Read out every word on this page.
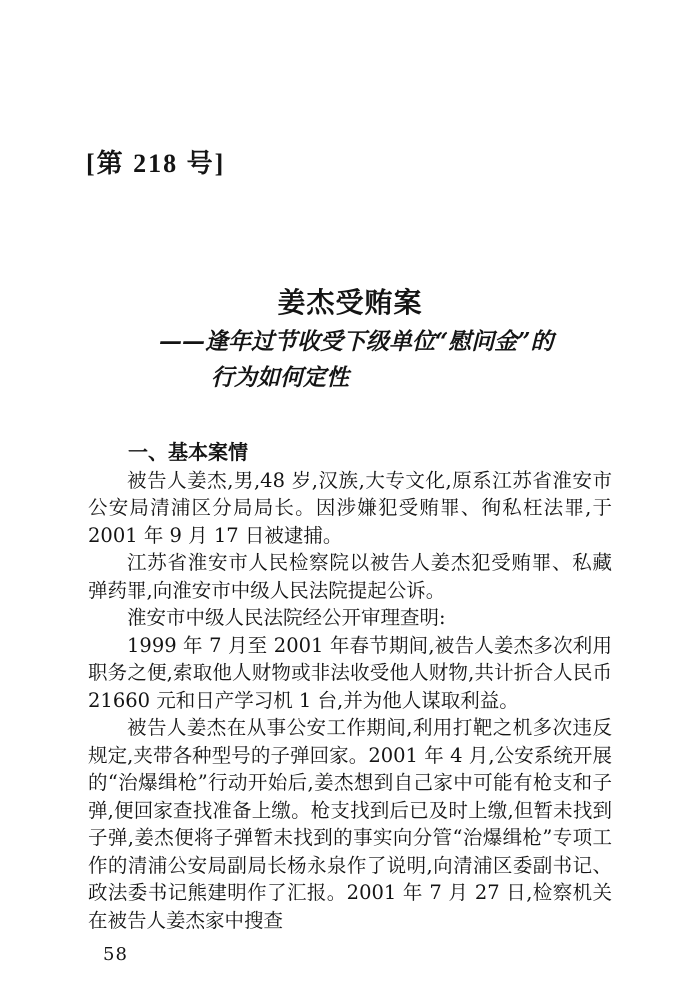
[第 218 号]
姜杰受贿案
——逢年过节收受下级单位“慰问金”的
行为如何定性
一、基本案情

被告人姜杰,男,48 岁,汉族,大专文化,原系江苏省淮安市公安局清浦区分局局长。因涉嫌犯受贿罪、徇私枉法罪,于 2001 年 9 月 17 日被逮捕。

江苏省淮安市人民检察院以被告人姜杰犯受贿罪、私藏弹药罪,向淮安市中级人民法院提起公诉。

淮安市中级人民法院经公开审理查明:

1999 年 7 月至 2001 年春节期间,被告人姜杰多次利用职务之便,索取他人财物或非法收受他人财物,共计折合人民币 21660 元和日产学习机 1 台,并为他人谋取利益。

被告人姜杰在从事公安工作期间,利用打靶之机多次违反规定,夹带各种型号的子弹回家。2001 年 4 月,公安系统开展的“治爆缉枪”行动开始后,姜杰想到自己家中可能有枪支和子弹,便回家查找准备上缴。枪支找到后已及时上缴,但暂未找到子弹,姜杰便将子弹暂未找到的事实向分管“治爆缉枪”专项工作的清浦公安局副局长杨永泉作了说明,向清浦区委副书记、政法委书记熊建明作了汇报。2001 年 7 月 27 日,检察机关在被告人姜杰家中搜查

58
